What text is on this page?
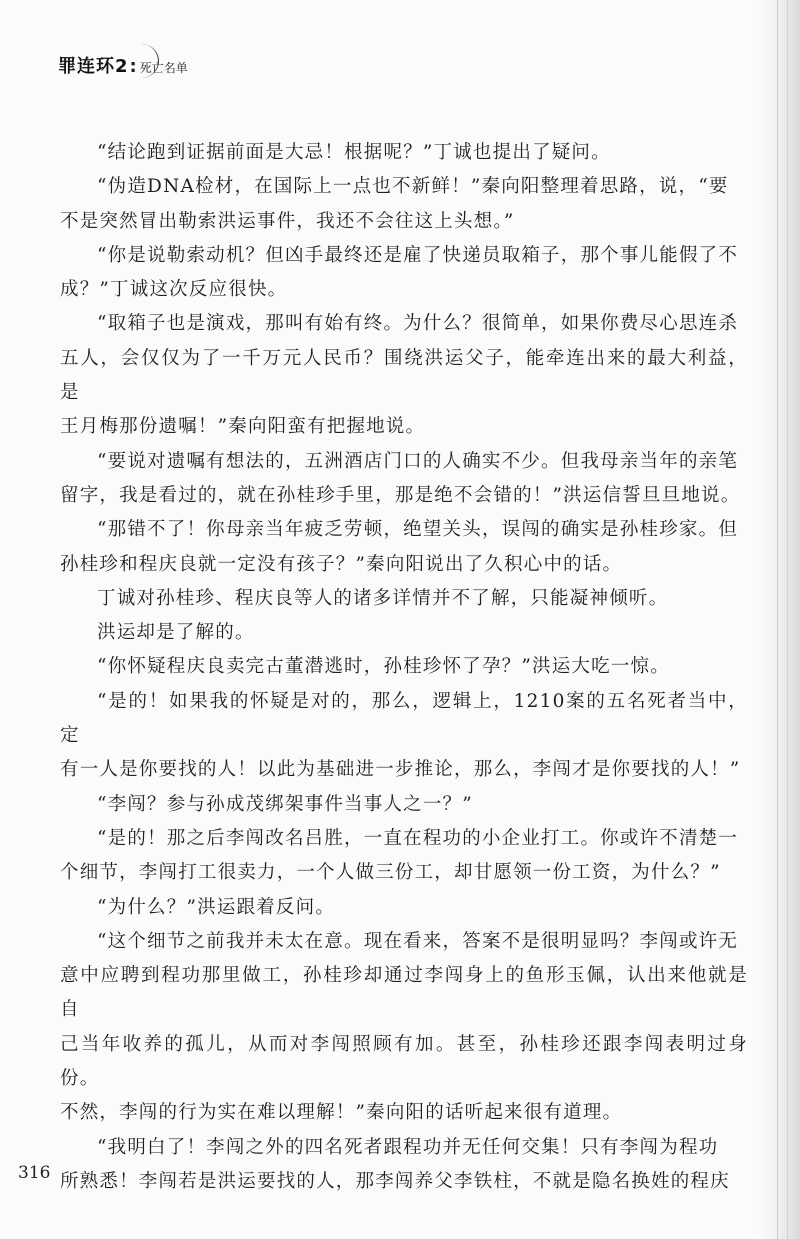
罪连环2 : 死亡名单

“结论跑到证据前面是大忌！根据呢？”丁诚也提出了疑问。

“伪造DNA检材，在国际上一点也不新鲜！”秦向阳整理着思路，说，“要
不是突然冒出勒索洪运事件，我还不会往这上头想。”

“你是说勒索动机？但凶手最终还是雇了快递员取箱子，那个事儿能假了不
成？”丁诚这次反应很快。

“取箱子也是演戏，那叫有始有终。为什么？很简单，如果你费尽心思连杀
五人，会仅仅为了一千万元人民币？围绕洪运父子，能牵连出来的最大利益，是
王月梅那份遗嘱！”秦向阳蛮有把握地说。

“要说对遗嘱有想法的，五洲酒店门口的人确实不少。但我母亲当年的亲笔
留字，我是看过的，就在孙桂珍手里，那是绝不会错的！”洪运信誓旦旦地说。

“那错不了！你母亲当年疲乏劳顿，绝望关头，误闯的确实是孙桂珍家。但
孙桂珍和程庆良就一定没有孩子？”秦向阳说出了久积心中的话。

丁诚对孙桂珍、程庆良等人的诸多详情并不了解，只能凝神倾听。

洪运却是了解的。

“你怀疑程庆良卖完古董潜逃时，孙桂珍怀了孕？”洪运大吃一惊。

“是的！如果我的怀疑是对的，那么，逻辑上，1210案的五名死者当中，定
有一人是你要找的人！以此为基础进一步推论，那么，李闯才是你要找的人！”

“李闯？参与孙成茂绑架事件当事人之一？”

“是的！那之后李闯改名吕胜，一直在程功的小企业打工。你或许不清楚一
个细节，李闯打工很卖力，一个人做三份工，却甘愿领一份工资，为什么？”

“为什么？”洪运跟着反问。

“这个细节之前我并未太在意。现在看来，答案不是很明显吗？李闯或许无
意中应聘到程功那里做工，孙桂珍却通过李闯身上的鱼形玉佩，认出来他就是自
己当年收养的孤儿，从而对李闯照顾有加。甚至，孙桂珍还跟李闯表明过身份。
不然，李闯的行为实在难以理解！”秦向阳的话听起来很有道理。

“我明白了！李闯之外的四名死者跟程功并无任何交集！只有李闯为程功
所熟悉！李闯若是洪运要找的人，那李闯养父李铁柱，不就是隐名换姓的程庆

316
